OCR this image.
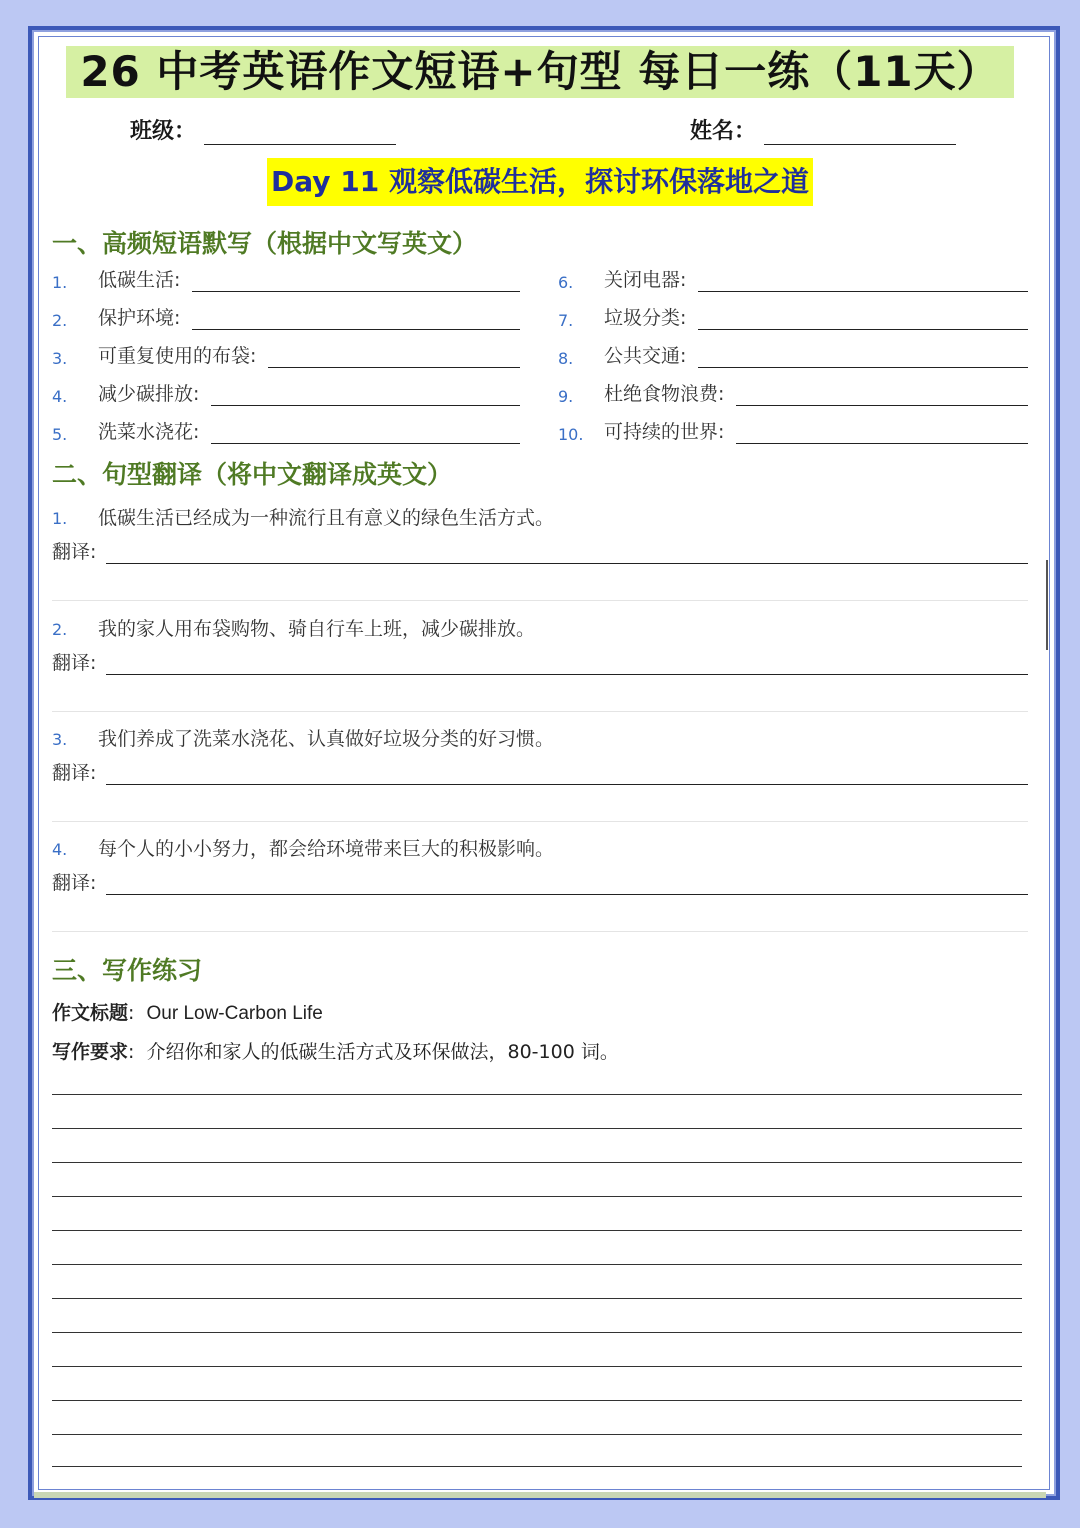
26 中考英语作文短语+句型 每日一练（11天）
班级：	姓名：
Day 11 观察低碳生活，探讨环保落地之道
一、高频短语默写（根据中文写英文）
1.	低碳生活:
2.	保护环境:
3.	可重复使用的布袋:
4.	减少碳排放:
5.	洗菜水浇花:
6.	关闭电器:
7.	垃圾分类:
8.	公共交通:
9.	杜绝食物浪费:
10.	可持续的世界:
二、句型翻译（将中文翻译成英文）
1. 低碳生活已经成为一种流行且有意义的绿色生活方式。
翻译:
2. 我的家人用布袋购物、骑自行车上班，减少碳排放。
翻译:
3. 我们养成了洗菜水浇花、认真做好垃圾分类的好习惯。
翻译:
4. 每个人的小小努力，都会给环境带来巨大的积极影响。
翻译:
三、写作练习
作文标题:  Our Low-Carbon Life
写作要求:  介绍你和家人的低碳生活方式及环保做法，80-100 词。
